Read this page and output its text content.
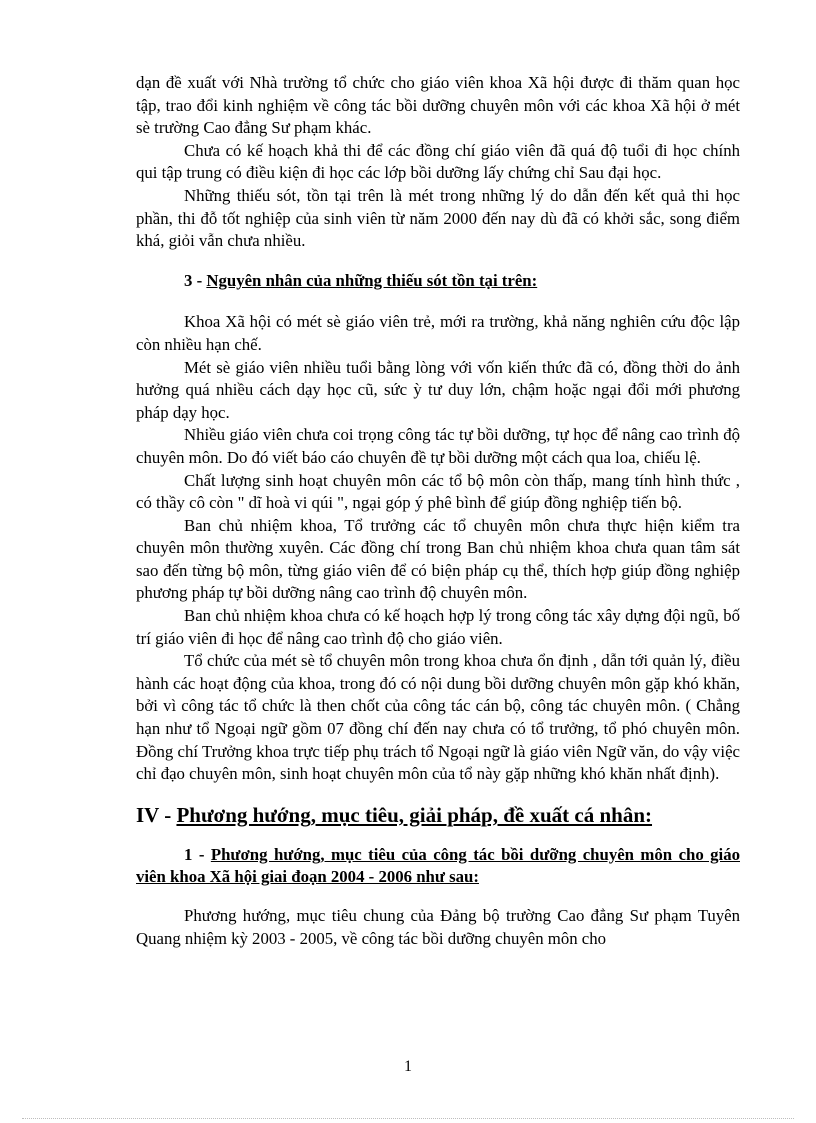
dạn đề xuất với Nhà trường tổ chức cho giáo viên khoa Xã hội được đi thăm quan học tập, trao đổi kinh nghiệm về công tác bồi dưỡng chuyên môn với các khoa Xã hội ở mét sè trường Cao đẳng Sư phạm khác.

Chưa có kế hoạch khả thi để các đồng chí giáo viên đã quá độ tuổi đi học chính qui tập trung có điều kiện đi học các lớp bồi dưỡng lấy chứng chỉ Sau đại học.

Những thiếu sót, tồn tại trên là mét trong những lý do dẫn đến kết quả thi học phần, thi đỗ tốt nghiệp của sinh viên từ năm 2000 đến nay dù đã có khởi sắc, song điểm khá, giỏi vẫn chưa nhiều.

3 - Nguyên nhân của những thiếu sót tồn tại trên:

Khoa Xã hội có mét sè giáo viên trẻ, mới ra trường, khả năng nghiên cứu độc lập còn nhiều hạn chế.

Mét sè giáo viên nhiều tuổi bằng lòng với vốn kiến thức đã có, đồng thời do ảnh hưởng quá nhiều cách dạy học cũ, sức ỳ tư duy lớn, chậm hoặc ngại đổi mới phương pháp dạy học.

Nhiều giáo viên chưa coi trọng công tác tự bồi dưỡng, tự học để nâng cao trình độ chuyên môn. Do đó viết báo cáo chuyên đề tự bồi dưỡng một cách qua loa, chiếu lệ.

Chất lượng sinh hoạt chuyên môn các tổ bộ môn còn thấp, mang tính hình thức , có thầy cô còn " dĩ hoà vi qúi ", ngại góp ý phê bình để giúp đồng nghiệp tiến bộ.

Ban chủ nhiệm khoa, Tổ trưởng các tổ chuyên môn chưa thực hiện kiểm tra chuyên môn thường xuyên. Các đồng chí trong Ban chủ nhiệm khoa chưa quan tâm sát sao đến từng bộ môn, từng giáo viên để có biện pháp cụ thể, thích hợp giúp đồng nghiệp phương pháp tự bồi dưỡng nâng cao trình độ chuyên môn.

Ban chủ nhiệm khoa chưa có kế hoạch hợp lý trong công tác xây dựng đội ngũ, bố trí giáo viên đi học để nâng cao trình độ cho giáo viên.

Tổ chức của mét sè tổ chuyên môn trong khoa chưa ổn định , dẫn tới quản lý, điều hành các hoạt động của khoa, trong đó có nội dung bồi dưỡng chuyên môn gặp khó khăn, bởi vì công tác tổ chức là then chốt của công tác cán bộ, công tác chuyên môn. ( Chẳng hạn như tổ Ngoại ngữ gồm 07 đồng chí đến nay chưa có tổ trưởng, tổ phó chuyên môn. Đồng chí Trưởng khoa trực tiếp phụ trách tổ Ngoại ngữ là giáo viên Ngữ văn, do vậy việc chỉ đạo chuyên môn, sinh hoạt chuyên môn của tổ này gặp những khó khăn nhất định).

IV - Phương hướng, mục tiêu, giải pháp, đề xuất cá nhân:

1 - Phương hướng, mục tiêu của công tác bồi dưỡng chuyên môn cho giáo viên khoa Xã hội giai đoạn 2004 - 2006 như sau:

Phương hướng, mục tiêu chung của Đảng bộ trường Cao đẳng Sư phạm Tuyên Quang nhiệm kỳ 2003 - 2005, về công tác bồi dưỡng chuyên môn cho

1
